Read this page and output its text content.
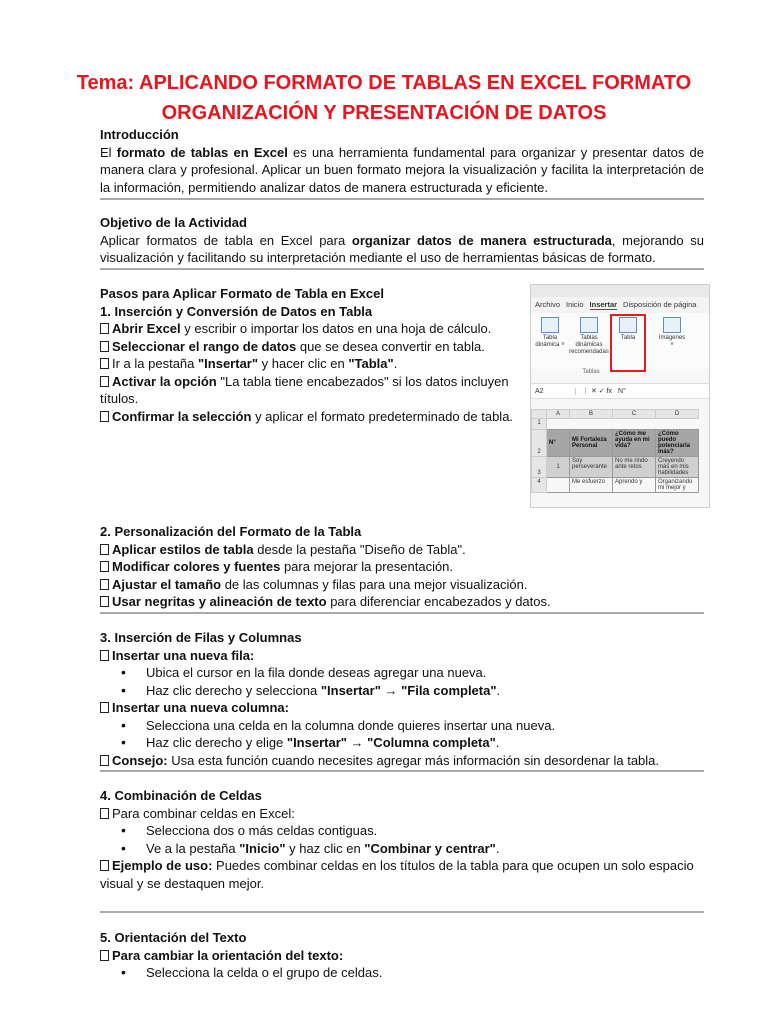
Tema: APLICANDO FORMATO DE TABLAS EN EXCEL FORMATO ORGANIZACIÓN Y PRESENTACIÓN DE DATOS
Introducción
El formato de tablas en Excel es una herramienta fundamental para organizar y presentar datos de manera clara y profesional. Aplicar un buen formato mejora la visualización y facilita la interpretación de la información, permitiendo analizar datos de manera estructurada y eficiente.
Objetivo de la Actividad
Aplicar formatos de tabla en Excel para organizar datos de manera estructurada, mejorando su visualización y facilitando su interpretación mediante el uso de herramientas básicas de formato.
Pasos para Aplicar Formato de Tabla en Excel
1. Inserción y Conversión de Datos en Tabla
Abrir Excel y escribir o importar los datos en una hoja de cálculo.
Seleccionar el rango de datos que se desea convertir en tabla.
Ir a la pestaña "Insertar" y hacer clic en "Tabla".
Activar la opción "La tabla tiene encabezados" si los datos incluyen títulos.
Confirmar la selección y aplicar el formato predeterminado de tabla.
Archivo Inicio Insertar Disposición de página
Tabla dinámica ˅
Tablas dinámicas recomendadas
Tabla	Imágenes ˅
Tablas
A2	⋮ ✕ ✓ fx N°
	A	B	C	D
1				
2	N°	Mi Fortaleza Personal	¿Cómo me ayuda en mi vida?	¿Cómo puedo potenciarla más?
3	1	Soy perseverante	No me rindo ante retos	Creyendo más en mis habilidades
4		Me esfuerzo	Aprendo y	Organizando mi mejor y
2. Personalización del Formato de la Tabla
Aplicar estilos de tabla desde la pestaña "Diseño de Tabla".
Modificar colores y fuentes para mejorar la presentación.
Ajustar el tamaño de las columnas y filas para una mejor visualización.
Usar negritas y alineación de texto para diferenciar encabezados y datos.
3. Inserción de Filas y Columnas
Insertar una nueva fila:
• Ubica el cursor en la fila donde deseas agregar una nueva.
• Haz clic derecho y selecciona "Insertar" → "Fila completa".
Insertar una nueva columna:
• Selecciona una celda en la columna donde quieres insertar una nueva.
• Haz clic derecho y elige "Insertar" → "Columna completa".
Consejo: Usa esta función cuando necesites agregar más información sin desordenar la tabla.
4. Combinación de Celdas
Para combinar celdas en Excel:
• Selecciona dos o más celdas contiguas.
• Ve a la pestaña "Inicio" y haz clic en "Combinar y centrar".
Ejemplo de uso: Puedes combinar celdas en los títulos de la tabla para que ocupen un solo espacio visual y se destaquen mejor.
5. Orientación del Texto
Para cambiar la orientación del texto:
• Selecciona la celda o el grupo de celdas.
